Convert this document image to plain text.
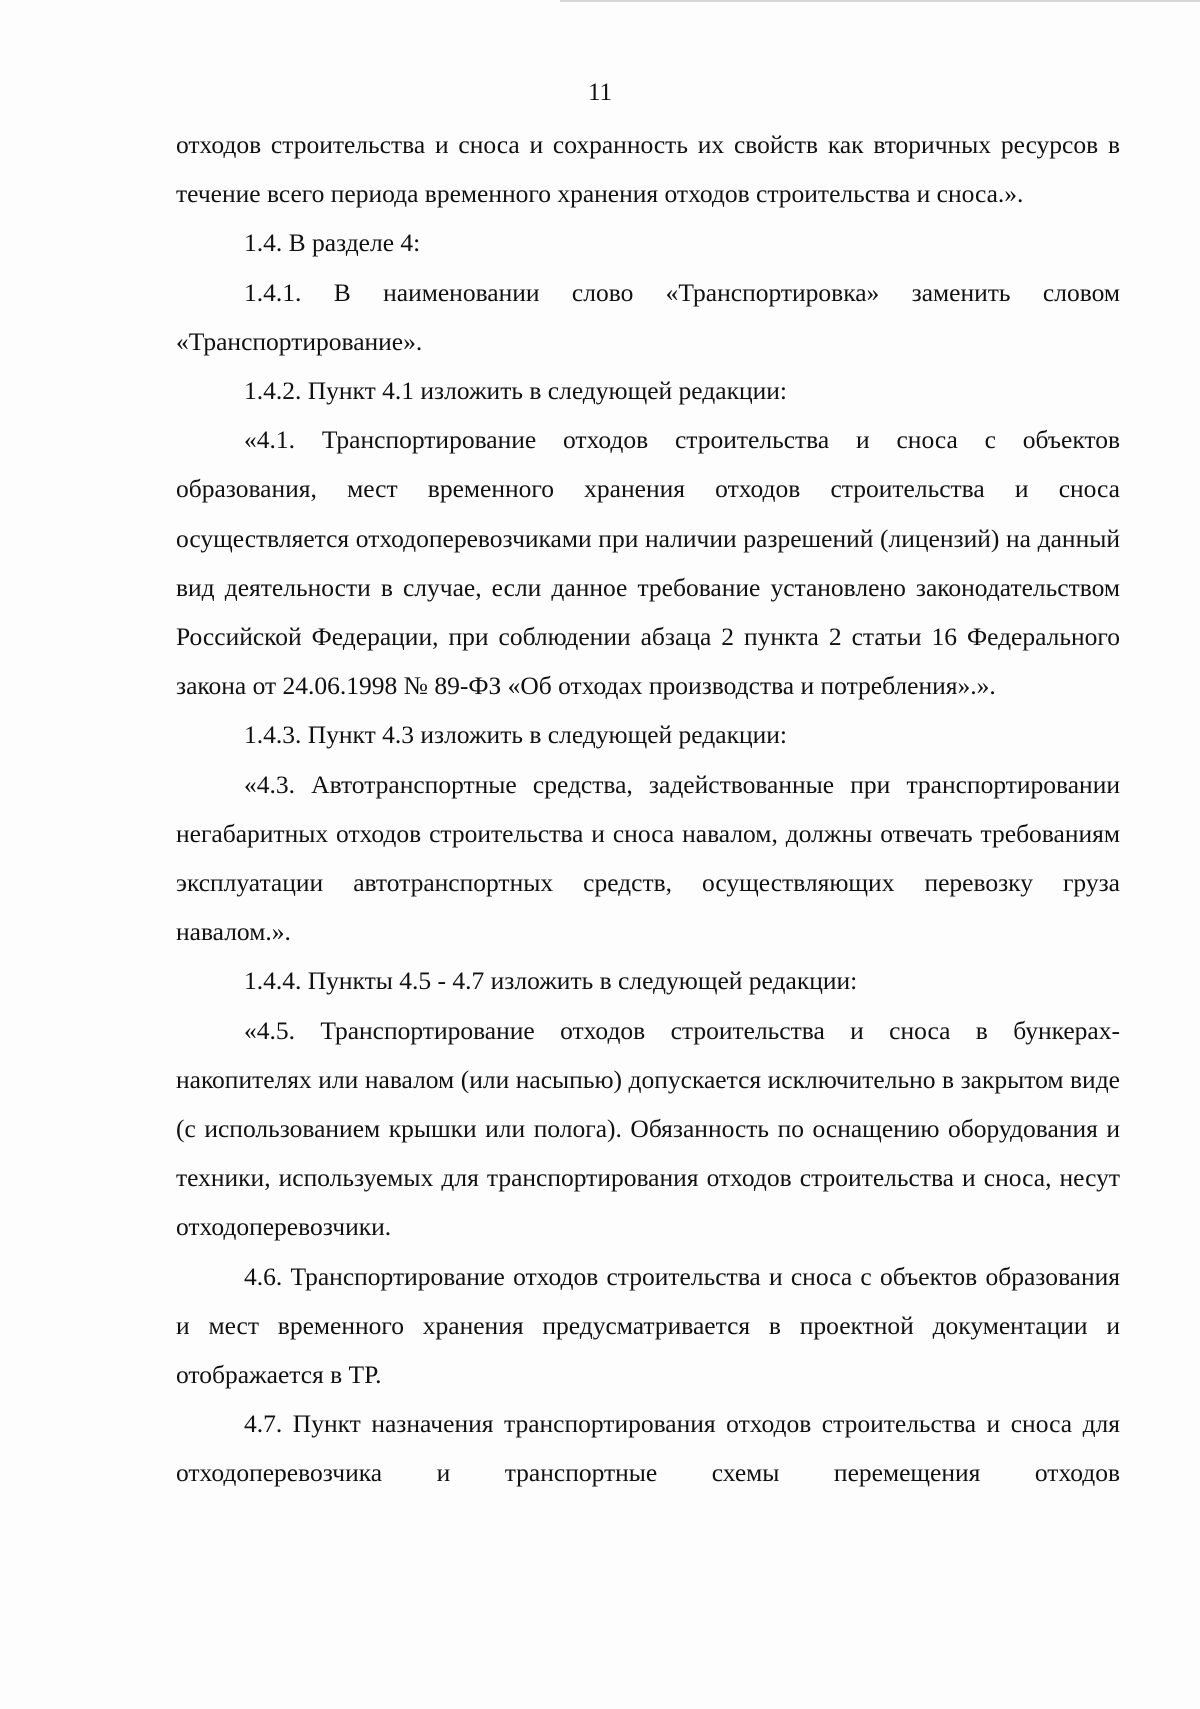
11

отходов строительства и сноса и сохранность их свойств как вторичных ресурсов в течение всего периода временного хранения отходов строительства и сноса.».

1.4. В разделе 4:

1.4.1. В наименовании слово «Транспортировка» заменить словом «Транспортирование».

1.4.2. Пункт 4.1 изложить в следующей редакции:

«4.1. Транспортирование отходов строительства и сноса с объектов образования, мест временного хранения отходов строительства и сноса осуществляется отходоперевозчиками при наличии разрешений (лицензий) на данный вид деятельности в случае, если данное требование установлено законодательством Российской Федерации, при соблюдении абзаца 2 пункта 2 статьи 16 Федерального закона от 24.06.1998 № 89-ФЗ «Об отходах производства и потребления».».

1.4.3. Пункт 4.3 изложить в следующей редакции:

«4.3. Автотранспортные средства, задействованные при транспортировании негабаритных отходов строительства и сноса навалом, должны отвечать требованиям эксплуатации автотранспортных средств, осуществляющих перевозку груза навалом.».

1.4.4. Пункты 4.5 - 4.7 изложить в следующей редакции:

«4.5. Транспортирование отходов строительства и сноса в бункерах-накопителях или навалом (или насыпью) допускается исключительно в закрытом виде (с использованием крышки или полога). Обязанность по оснащению оборудования и техники, используемых для транспортирования отходов строительства и сноса, несут отходоперевозчики.

4.6. Транспортирование отходов строительства и сноса с объектов образования и мест временного хранения предусматривается в проектной документации и отображается в ТР.

4.7. Пункт назначения транспортирования отходов строительства и сноса для отходоперевозчика и транспортные схемы перемещения отходов
